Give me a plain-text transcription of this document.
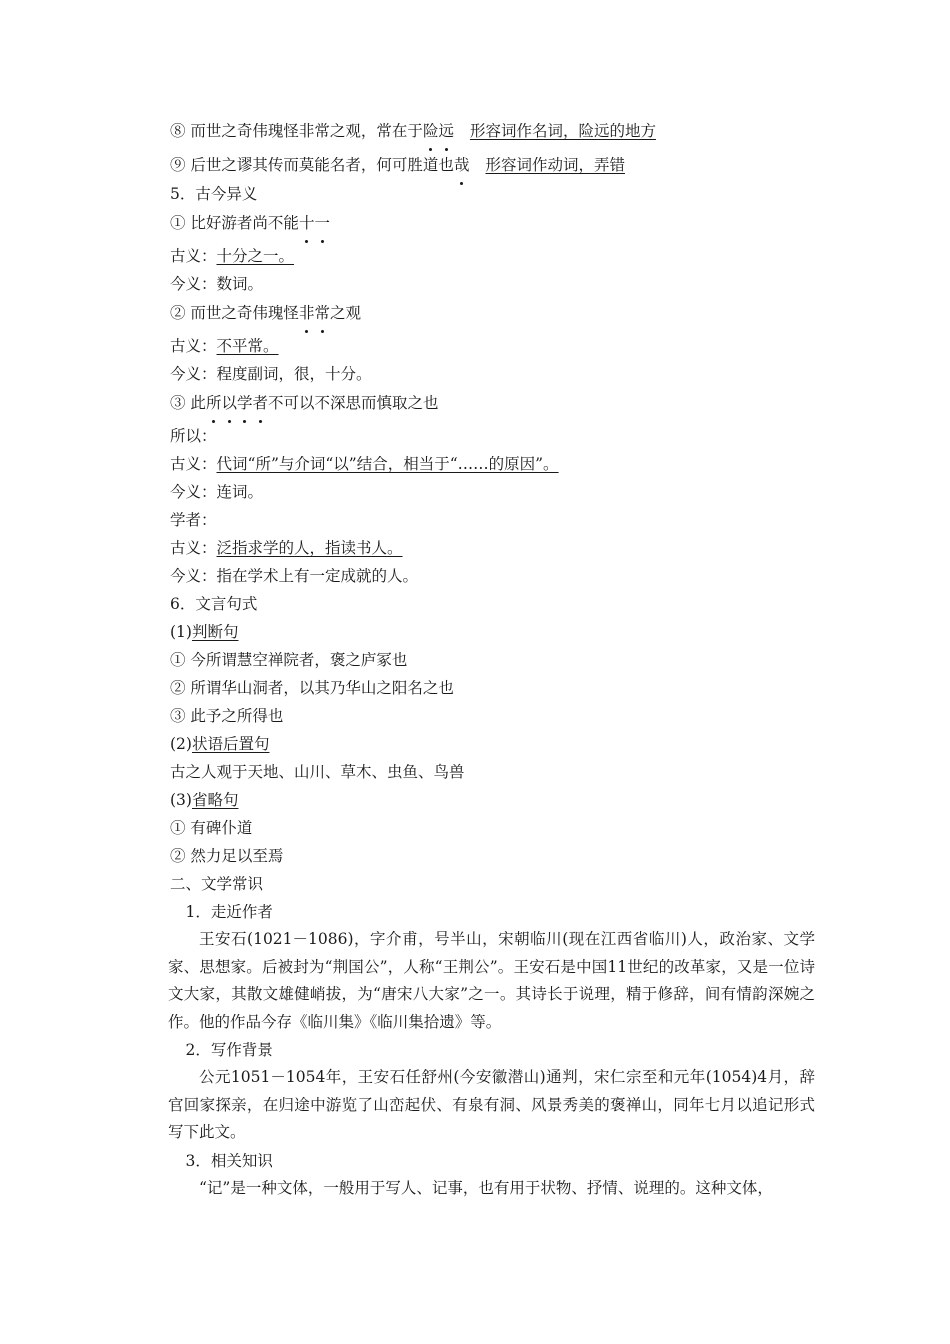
⑧ 而世之奇伟瑰怪非常之观，常在于险远 形容词作名词，险远的地方
⑨ 后世之谬其传而莫能名者，何可胜道也哉 形容词作动词，弄错
5．古今异义
① 比好游者尚不能十一
古义：十分之一。
今义：数词。
② 而世之奇伟瑰怪非常之观
古义：不平常。
今义：程度副词，很，十分。
③ 此所以学者不可以不深思而慎取之也
所以：
古义：代词“所”与介词“以”结合，相当于“……的原因”。
今义：连词。
学者：
古义：泛指求学的人，指读书人。
今义：指在学术上有一定成就的人。
6．文言句式
(1)判断句
① 今所谓慧空禅院者，褒之庐冢也
② 所谓华山洞者，以其乃华山之阳名之也
③ 此予之所得也
(2)状语后置句
古之人观于天地、山川、草木、虫鱼、鸟兽
(3)省略句
① 有碑仆道
② 然力足以至焉
二、文学常识
1．走近作者

王安石(1021－1086)，字介甫，号半山，宋朝临川(现在江西省临川)人，政治家、文学家、思想家。后被封为“荆国公”，人称“王荆公”。王安石是中国11世纪的改革家，又是一位诗文大家，其散文雄健峭拔，为“唐宋八大家”之一。其诗长于说理，精于修辞，间有情韵深婉之作。他的作品今存《临川集》《临川集拾遗》等。

2．写作背景

公元1051－1054年，王安石任舒州(今安徽潜山)通判，宋仁宗至和元年(1054)4月，辞官回家探亲，在归途中游览了山峦起伏、有泉有洞、风景秀美的褒禅山，同年七月以追记形式写下此文。

3．相关知识

“记”是一种文体，一般用于写人、记事，也有用于状物、抒情、说理的。这种文体，
